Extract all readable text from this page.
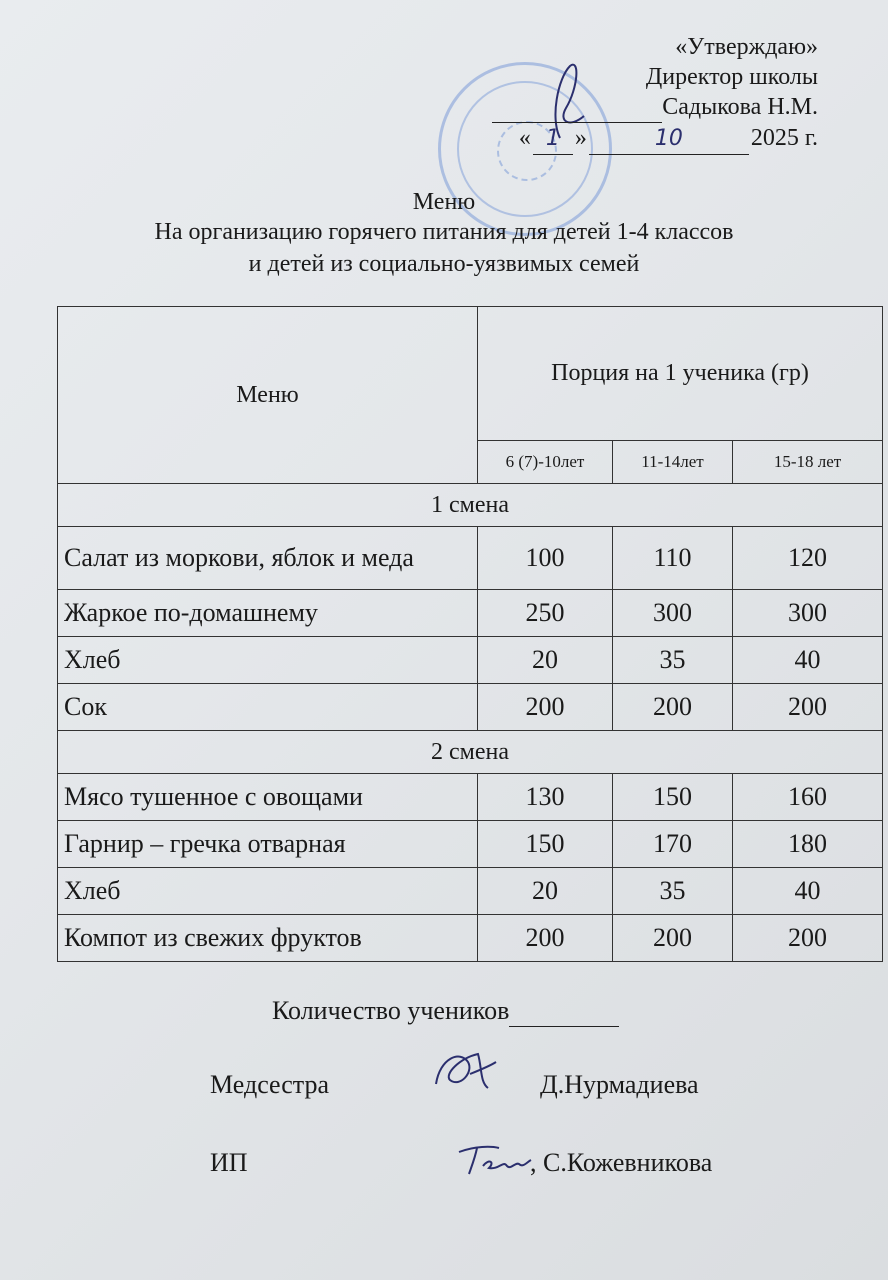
«Утверждаю»
Директор школы
Садыкова Н.М.
« 1 »	10	2025 г.
Меню
На организацию горячего питания для детей 1-4 классов
и детей из социально-уязвимых семей
Меню	Порция на 1 ученика (гр)		
	6 (7)-10лет	11-14лет	15-18 лет
1 смена			
Салат из моркови, яблок и меда	100	110	120
Жаркое по-домашнему	250	300	300
Хлеб	20	35	40
Сок	200	200	200
2 смена			
Мясо тушенное с овощами	130	150	160
Гарнир – гречка отварная	150	170	180
Хлеб	20	35	40
Компот из свежих фруктов	200	200	200
Количество учеников
Медсестра	Д.Нурмадиева
ИП	, С.Кожевникова
